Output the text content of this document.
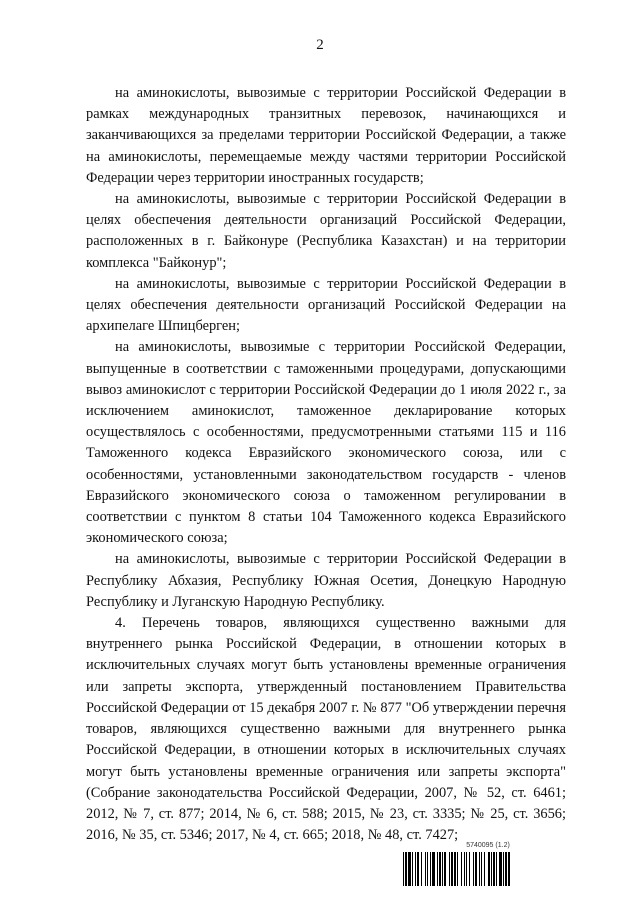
2

на аминокислоты, вывозимые с территории Российской Федерации в рамках международных транзитных перевозок, начинающихся и заканчивающихся за пределами территории Российской Федерации, а также на аминокислоты, перемещаемые между частями территории Российской Федерации через территории иностранных государств;

на аминокислоты, вывозимые с территории Российской Федерации в целях обеспечения деятельности организаций Российской Федерации, расположенных в г. Байконуре (Республика Казахстан) и на территории комплекса "Байконур";

на аминокислоты, вывозимые с территории Российской Федерации в целях обеспечения деятельности организаций Российской Федерации на архипелаге Шпицберген;

на аминокислоты, вывозимые с территории Российской Федерации, выпущенные в соответствии с таможенными процедурами, допускающими вывоз аминокислот с территории Российской Федерации до 1 июля 2022 г., за исключением аминокислот, таможенное декларирование которых осуществлялось с особенностями, предусмотренными статьями 115 и 116 Таможенного кодекса Евразийского экономического союза, или с особенностями, установленными законодательством государств - членов Евразийского экономического союза о таможенном регулировании в соответствии с пунктом 8 статьи 104 Таможенного кодекса Евразийского экономического союза;

на аминокислоты, вывозимые с территории Российской Федерации в Республику Абхазия, Республику Южная Осетия, Донецкую Народную Республику и Луганскую Народную Республику.

4. Перечень товаров, являющихся существенно важными для внутреннего рынка Российской Федерации, в отношении которых в исключительных случаях могут быть установлены временные ограничения или запреты экспорта, утвержденный постановлением Правительства Российской Федерации от 15 декабря 2007 г. № 877 "Об утверждении перечня товаров, являющихся существенно важными для внутреннего рынка Российской Федерации, в отношении которых в исключительных случаях могут быть установлены временные ограничения или запреты экспорта" (Собрание законодательства Российской Федерации, 2007, № 52, ст. 6461; 2012, № 7, ст. 877; 2014, № 6, ст. 588; 2015, № 23, ст. 3335; № 25, ст. 3656; 2016, № 35, ст. 5346; 2017, № 4, ст. 665; 2018, № 48, ст. 7427;

5740095 (1.2)
